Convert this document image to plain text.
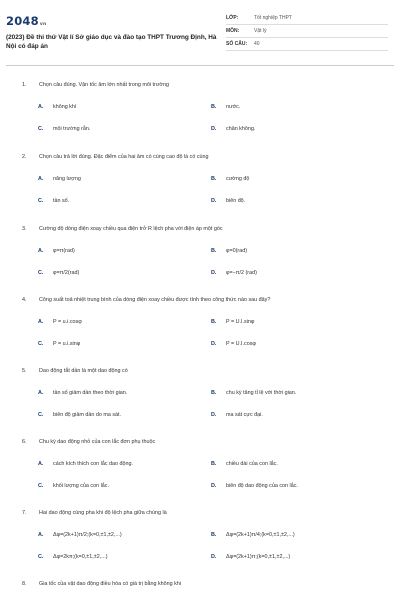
2048vn
(2023) Đề thi thử Vật lí Sở giáo dục và đào tạo THPT Trương Định, Hà Nội có đáp án
LỚP:	Tốt nghiệp THPT
MÔN:	Vật lý
SỐ CÂU:	40
1. Chọn câu đúng. Vận tốc âm lớn nhất trong môi trường
A. không khí	B. nước.
C. môi trường rắn.	D. chân không.
2. Chọn câu trả lời đúng. Đặc điểm của hai âm có cùng cao độ là có cùng
A. năng lượng	B. cường độ
C. tần số.	D. biên độ.
3. Cường độ dòng điện xoay chiều qua điện trở R lệch pha với điện áp một góc
A. φ=π(rad)	B. φ=0(rad)
C. φ=π/2(rad)	D. φ=−π/2 (rad)
4. Công suất toả nhiệt trung bình của dòng điện xoay chiều được tính theo công thức nào sau đây?
A. P = u.i.cosφ	B. P = U.I.sinφ
C. P = u.i.sinφ	D. P = U.I.cosφ
5. Dao động tắt dần là một dao động có
A. tần số giảm dần theo thời gian.	B. chu kỳ tăng tỉ lệ với thời gian.
C. biên độ giảm dần do ma sát.	D. ma sát cực đại.
6. Chu kỳ dao động nhỏ của con lắc đơn phụ thuộc
A. cách kích thích con lắc dao động.	B. chiều dài của con lắc.
C. khối lượng của con lắc.	D. biên độ dao động của con lắc.
7. Hai dao động cùng pha khi độ lệch pha giữa chúng là
A. Δφ=(2k+1)π/2;(k=0,±1,±2,...)	B. Δφ=(2k+1)π/4;(k=0,±1,±2,...)
C. Δφ=2kπ;(k=0,±1,±2,...)	D. Δφ=(2k+1)π;(k=0,±1,±2,...)
8. Gia tốc của vật dao động điều hòa có giá trị bằng không khi
